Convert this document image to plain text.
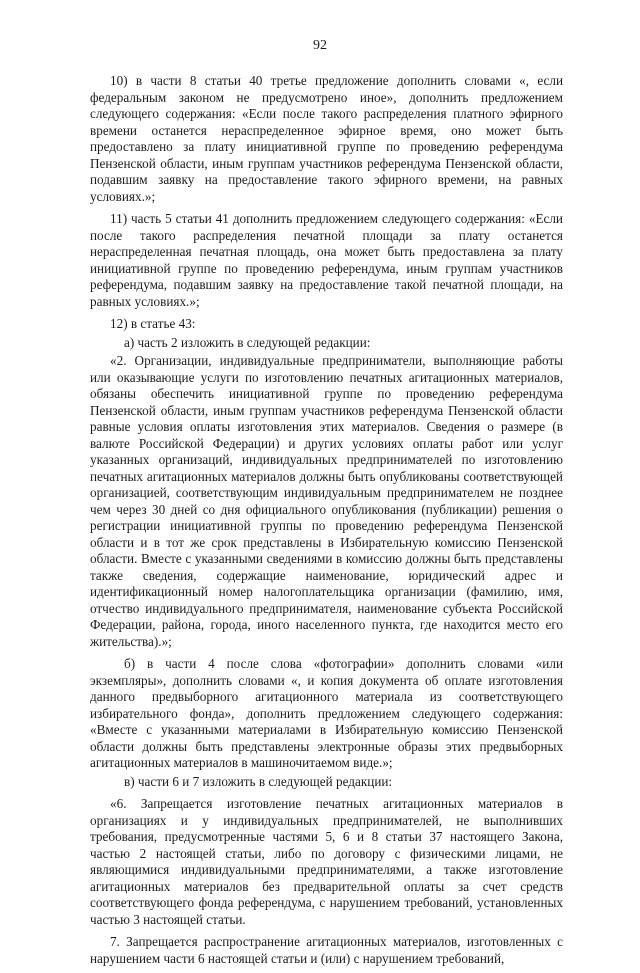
92

10) в части 8 статьи 40 третье предложение дополнить словами «, если федеральным законом не предусмотрено иное», дополнить предложением следующего содержания: «Если после такого распределения платного эфирного времени останется нераспределенное эфирное время, оно может быть предоставлено за плату инициативной группе по проведению референдума Пензенской области, иным группам участников референдума Пензенской области, подавшим заявку на предоставление такого эфирного времени, на равных условиях.»;

11) часть 5 статьи 41 дополнить предложением следующего содержания: «Если после такого распределения печатной площади за плату останется нераспределенная печатная площадь, она может быть предоставлена за плату инициативной группе по проведению референдума, иным группам участников референдума, подавшим заявку на предоставление такой печатной площади, на равных условиях.»;

12) в статье 43:

а) часть 2 изложить в следующей редакции:

«2. Организации, индивидуальные предприниматели, выполняющие работы или оказывающие услуги по изготовлению печатных агитационных материалов, обязаны обеспечить инициативной группе по проведению референдума Пензенской области, иным группам участников референдума Пензенской области равные условия оплаты изготовления этих материалов. Сведения о размере (в валюте Российской Федерации) и других условиях оплаты работ или услуг указанных организаций, индивидуальных предпринимателей по изготовлению печатных агитационных материалов должны быть опубликованы соответствующей организацией, соответствующим индивидуальным предпринимателем не позднее чем через 30 дней со дня официального опубликования (публикации) решения о регистрации инициативной группы по проведению референдума Пензенской области и в тот же срок представлены в Избирательную комиссию Пензенской области. Вместе с указанными сведениями в комиссию должны быть представлены также сведения, содержащие наименование, юридический адрес и идентификационный номер налогоплательщика организации (фамилию, имя, отчество индивидуального предпринимателя, наименование субъекта Российской Федерации, района, города, иного населенного пункта, где находится место его жительства).»;

б) в части 4 после слова «фотографии» дополнить словами «или экземпляры», дополнить словами «, и копия документа об оплате изготовления данного предвыборного агитационного материала из соответствующего избирательного фонда», дополнить предложением следующего содержания: «Вместе с указанными материалами в Избирательную комиссию Пензенской области должны быть представлены электронные образы этих предвыборных агитационных материалов в машиночитаемом виде.»;

в) части 6 и 7 изложить в следующей редакции:

«6. Запрещается изготовление печатных агитационных материалов в организациях и у индивидуальных предпринимателей, не выполнивших требования, предусмотренные частями 5, 6 и 8 статьи 37 настоящего Закона, частью 2 настоящей статьи, либо по договору с физическими лицами, не являющимися индивидуальными предпринимателями, а также изготовление агитационных материалов без предварительной оплаты за счет средств соответствующего фонда референдума, с нарушением требований, установленных частью 3 настоящей статьи.

7. Запрещается распространение агитационных материалов, изготовленных с нарушением части 6 настоящей статьи и (или) с нарушением требований,
